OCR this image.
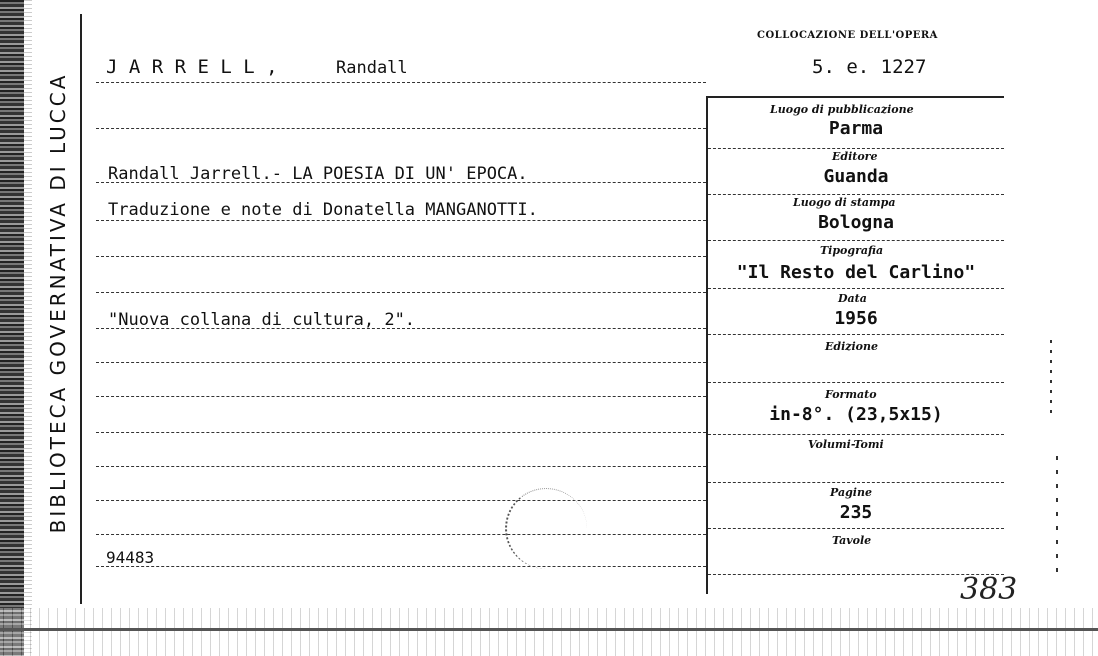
BIBLIOTECA GOVERNATIVA DI LUCCA
COLLOCAZIONE DELL'OPERA
5. e. 1227
J A R R E L L ,	Randall
Randall Jarrell.- LA POESIA DI UN' EPOCA.
Traduzione e note di Donatella MANGANOTTI.
"Nuova collana di cultura, 2".
94483
Luogo di pubblicazione
Parma
Editore
Guanda
Luogo di stampa
Bologna
Tipografia
"Il Resto del Carlino"
Data
1956
Edizione
Formato
in-8°. (23,5x15)
Volumi-Tomi
Pagine
235
Tavole
383
